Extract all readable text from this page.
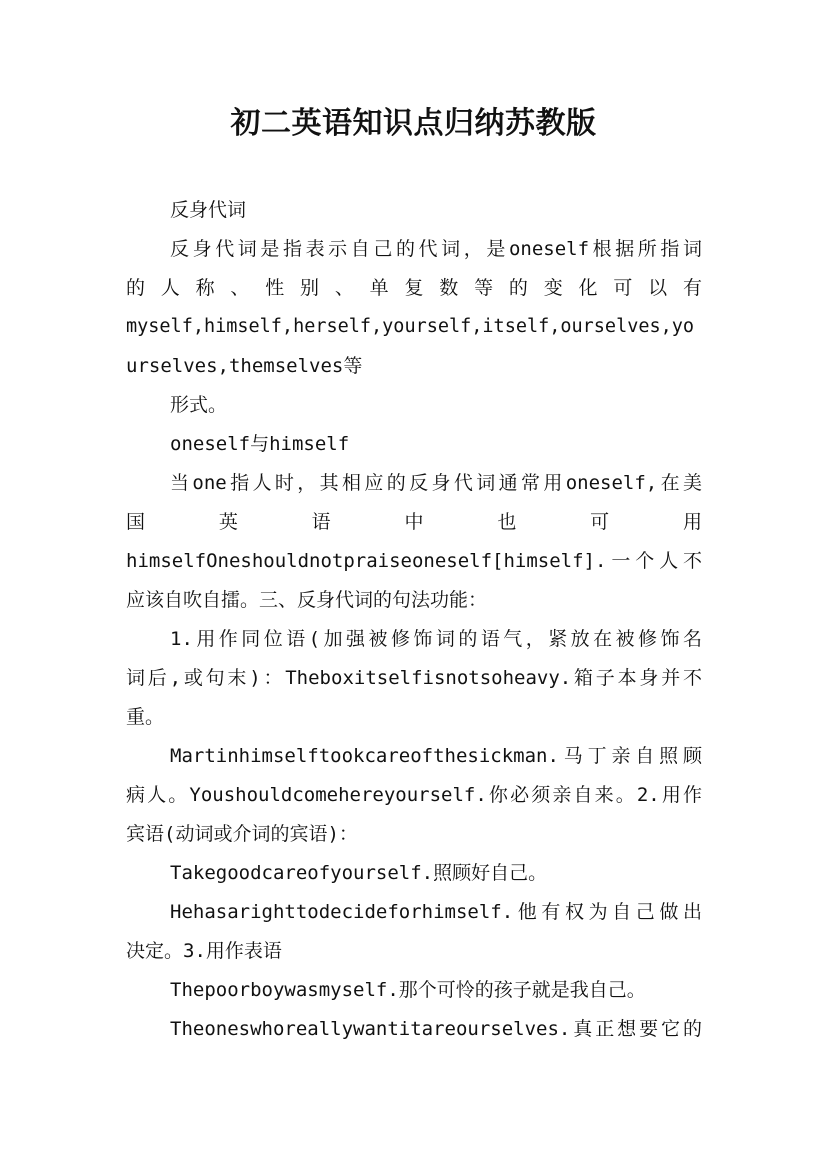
初二英语知识点归纳苏教版
反身代词
反身代词是指表示自己的代词，是oneself根据所指词
的 人 称 、 性 别 、 单 复 数 等 的 变 化 可 以 有
myself,himself,herself,yourself,itself,ourselves,yo
urselves,themselves等
形式。
oneself与himself
当one指人时，其相应的反身代词通常用oneself,在美
国 英 语 中 也 可 用
himselfOneshouldnotpraiseoneself[himself].一个人不
应该自吹自擂。三、反身代词的句法功能：
1.用作同位语(加强被修饰词的语气，紧放在被修饰名
词后,或句末)：Theboxitselfisnotsoheavy.箱子本身并不
重。
Martinhimselftookcareofthesickman.马丁亲自照顾
病人。Youshouldcomehereyourself.你必须亲自来。2.用作
宾语(动词或介词的宾语)：
Takegoodcareofyourself.照顾好自己。
Hehasarighttodecideforhimself.他有权为自己做出
决定。3.用作表语
Thepoorboywasmyself.那个可怜的孩子就是我自己。
Theoneswhoreallywantitareourselves.真正想要它的
